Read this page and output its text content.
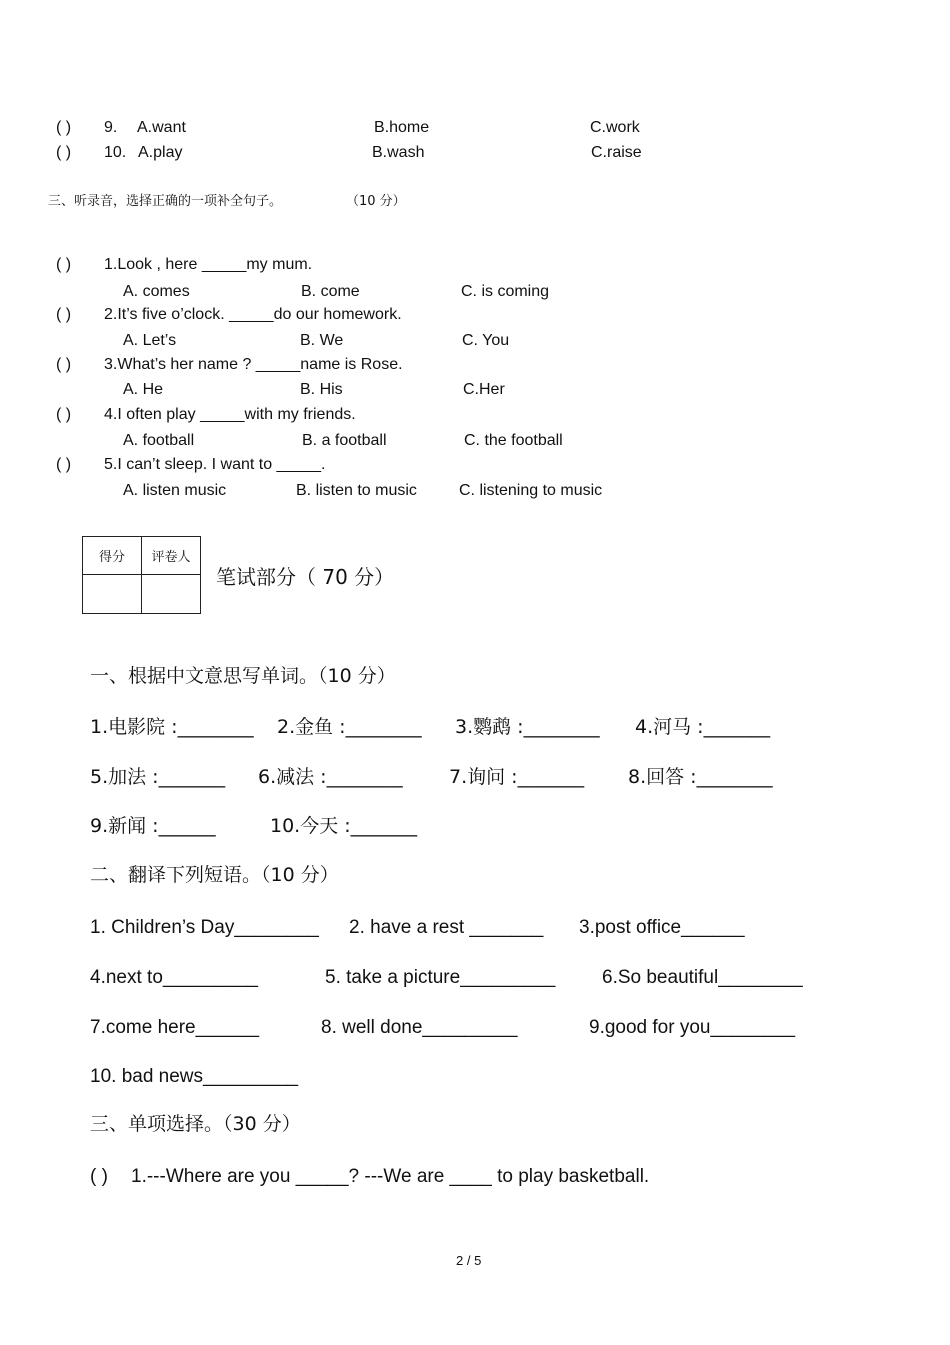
( ) 9. A.want	B.home	C.work
( ) 10. A.play	B.wash	C.raise
三、听录音，选择正确的一项补全句子。	（10 分）
( ) 1.Look , here _____my mum.
A. comes	B. come	C. is coming
( ) 2.It’s five o’clock. _____do our homework.
A. Let’s	B. We	C. You
( ) 3.What’s her name ? _____name is Rose.
A. He	B. His	C.Her
( ) 4.I often play _____with my friends.
A. football	B. a football	C. the football
( ) 5.I can’t sleep. I want to _____.
A. listen music	B. listen to music	C. listening to music
得分	评卷人

笔试部分（ 70 分）
一、根据中文意思写单词。（10 分）
1.电影院 :________ 2.金鱼 :________ 3.鹦鹉 :________ 4.河马 :_______
5.加法 :_______ 6.减法 :________ 7.询问 :_______ 8.回答 :________
9.新闻 :______	10.今天 :_______
二、翻译下列短语。（10 分）
1. Children’s Day________ 2. have a rest _______ 3.post office______
4.next to_________	5. take a picture_________ 6.So beautiful________
7.come here______	8. well done_________	9.good for you________
10. bad news_________
三、单项选择。（30 分）
( ) 1.---Where are you _____? ---We are ____ to play basketball.
2 / 5
